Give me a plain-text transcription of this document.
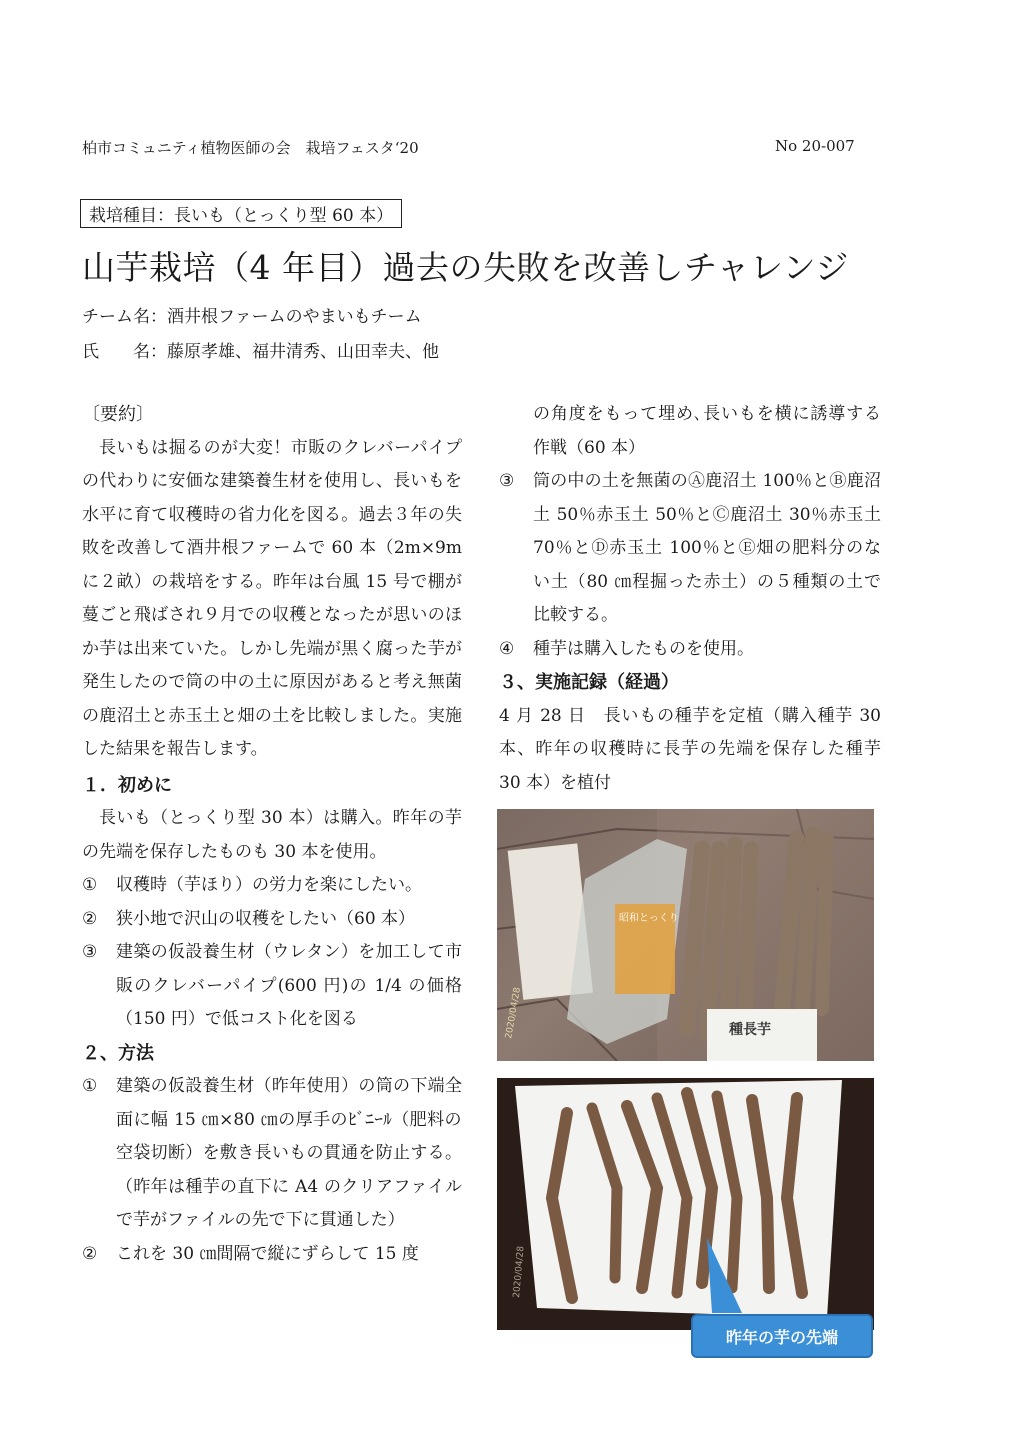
柏市コミュニティ植物医師の会　栽培フェスタ‘20	No 20-007
栽培種目：長いも（とっくり型 60 本）
山芋栽培（4 年目）過去の失敗を改善しチャレンジ
チーム名：酒井根ファームのやまいもチーム
氏　　名：藤原孝雄、福井清秀、山田幸夫、他
〔要約〕
長いもは掘るのが大変！市販のクレバーパイプの代わりに安価な建築養生材を使用し、長いもを水平に育て収穫時の省力化を図る。過去３年の失敗を改善して酒井根ファームで 60 本（2m×9m に２畝）の栽培をする。昨年は台風 15 号で棚が蔓ごと飛ばされ９月での収穫となったが思いのほか芋は出来ていた。しかし先端が黒く腐った芋が発生したので筒の中の土に原因があると考え無菌の鹿沼土と赤玉土と畑の土を比較しました。実施した結果を報告します。
１．初めに
長いも（とっくり型 30 本）は購入。昨年の芋の先端を保存したものも 30 本を使用。
①	収穫時（芋ほり）の労力を楽にしたい。
②	狭小地で沢山の収穫をしたい（60 本）
③	建築の仮設養生材（ウレタン）を加工して市販のクレバーパイプ(600 円)の 1/4 の価格（150 円）で低コスト化を図る
２、方法
①	建築の仮設養生材（昨年使用）の筒の下端全面に幅 15 ㎝×80 ㎝の厚手のﾋﾞﾆｰﾙ（肥料の空袋切断）を敷き長いもの貫通を防止する。（昨年は種芋の直下に A4 のクリアファイルで芋がファイルの先で下に貫通した）
②	これを 30 ㎝間隔で縦にずらして 15 度
の角度をもって埋め､長いもを横に誘導する作戦（60 本）
③	筒の中の土を無菌のⒶ鹿沼土 100％とⒷ鹿沼土 50％赤玉土 50％とⒸ鹿沼土 30％赤玉土 70％とⒹ赤玉土 100％とⒺ畑の肥料分のない土（80 ㎝程掘った赤土）の５種類の土で比較する。
④	種芋は購入したものを使用。
３、実施記録（経過）
4 月 28 日　長いもの種芋を定植（購入種芋 30 本、昨年の収穫時に長芋の先端を保存した種芋 30 本）を植付
昭和とっくり
種長芋
2020/04/28
2020/04/28
昨年の芋の先端
